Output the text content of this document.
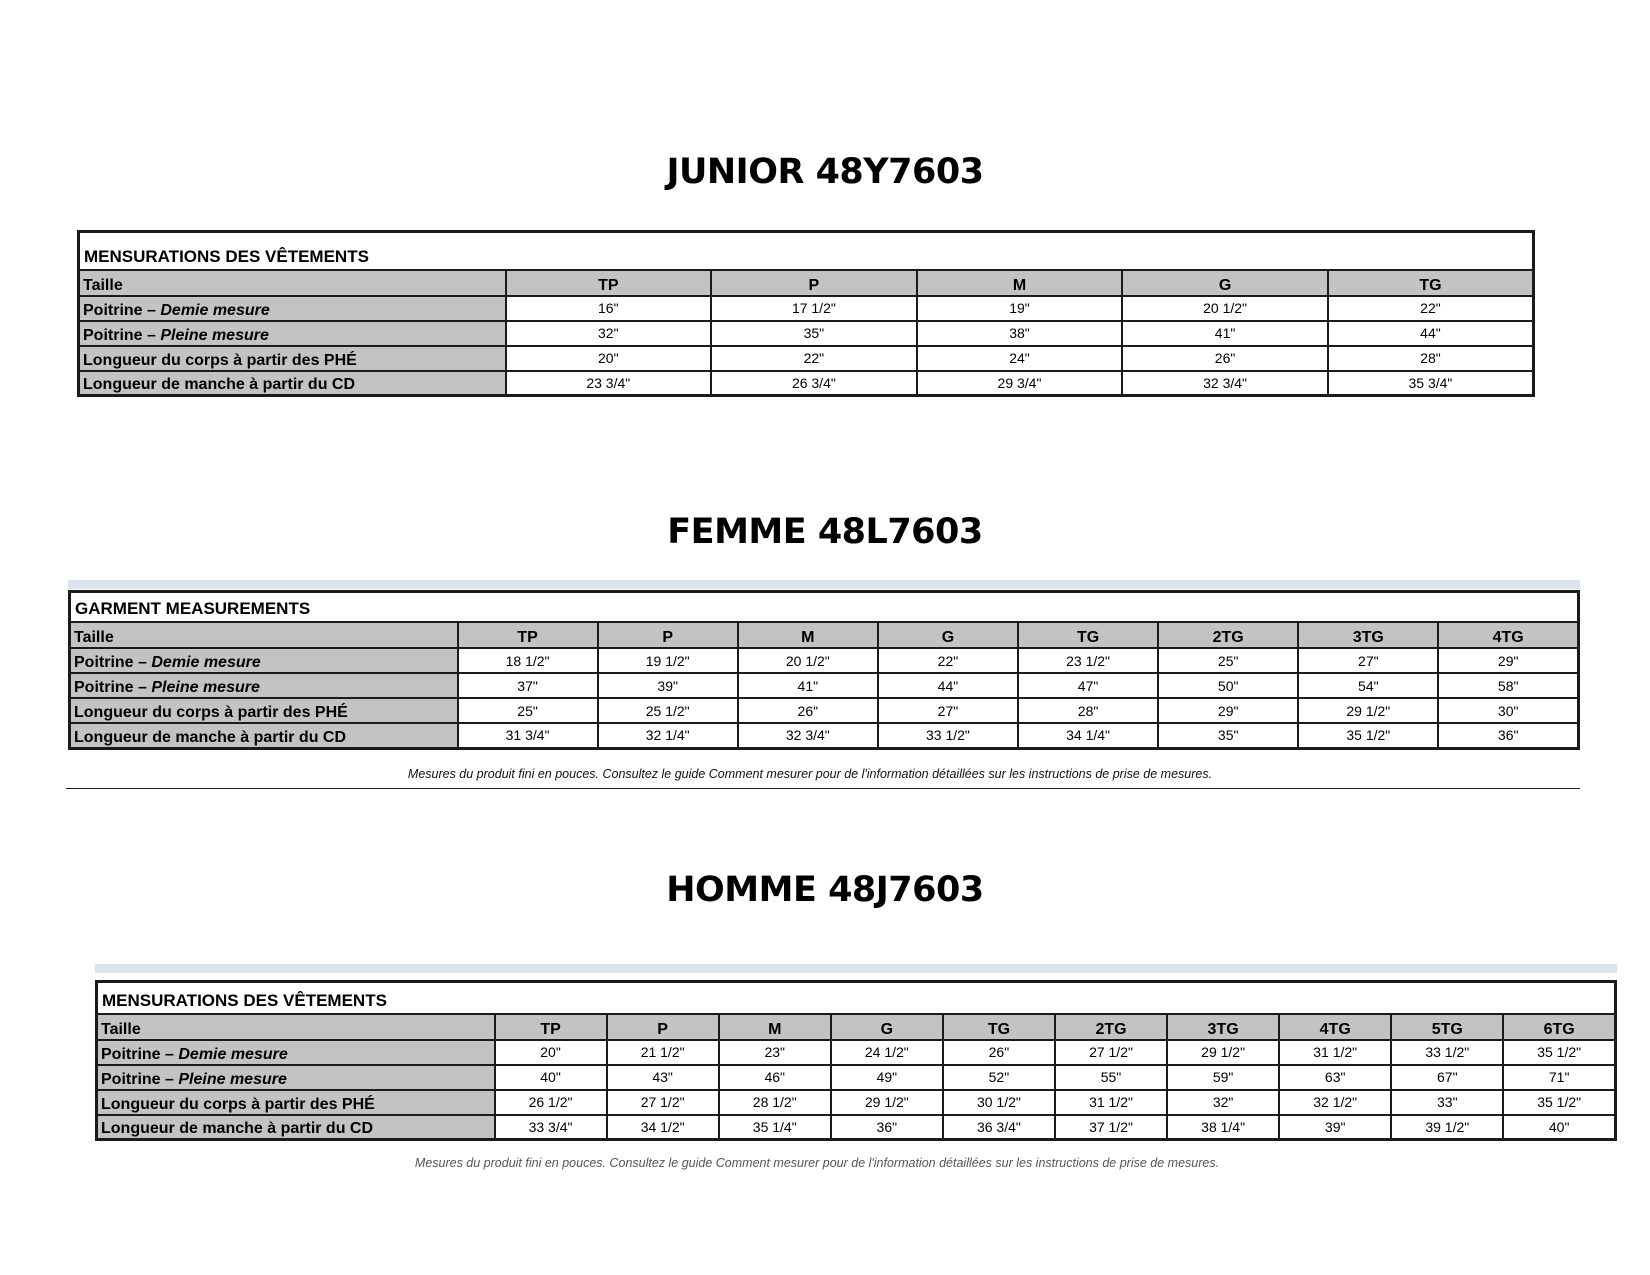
JUNIOR 48Y7603
FEMME 48L7603
HOMME 48J7603
MENSURATIONS DES VÊTEMENTS					
Taille	TP	P	M	G	TG
Poitrine – Demie mesure	16"	17 1/2"	19"	20 1/2"	22"
Poitrine – Pleine mesure	32"	35"	38"	41"	44"
Longueur du corps à partir des PHÉ	20"	22"	24"	26"	28"
Longueur de manche à partir du CD	23 3/4"	26 3/4"	29 3/4"	32 3/4"	35 3/4"
GARMENT MEASUREMENTS								
Taille	TP	P	M	G	TG	2TG	3TG	4TG
Poitrine – Demie mesure	18 1/2"	19 1/2"	20 1/2"	22"	23 1/2"	25"	27"	29"
Poitrine – Pleine mesure	37"	39"	41"	44"	47"	50"	54"	58"
Longueur du corps à partir des PHÉ	25"	25 1/2"	26"	27"	28"	29"	29 1/2"	30"
Longueur de manche à partir du CD	31 3/4"	32 1/4"	32 3/4"	33 1/2"	34 1/4"	35"	35 1/2"	36"
Mesures du produit fini en pouces. Consultez le guide Comment mesurer pour de l'information détaillées sur les instructions de prise de mesures.
MENSURATIONS DES VÊTEMENTS										
Taille	TP	P	M	G	TG	2TG	3TG	4TG	5TG	6TG
Poitrine – Demie mesure	20"	21 1/2"	23"	24 1/2"	26"	27 1/2"	29 1/2"	31 1/2"	33 1/2"	35 1/2"
Poitrine – Pleine mesure	40"	43"	46"	49"	52"	55"	59"	63"	67"	71"
Longueur du corps à partir des PHÉ	26 1/2"	27 1/2"	28 1/2"	29 1/2"	30 1/2"	31 1/2"	32"	32 1/2"	33"	35 1/2"
Longueur de manche à partir du CD	33 3/4"	34 1/2"	35 1/4"	36"	36 3/4"	37 1/2"	38 1/4"	39"	39 1/2"	40"
Mesures du produit fini en pouces. Consultez le guide Comment mesurer pour de l'information détaillées sur les instructions de prise de mesures.
